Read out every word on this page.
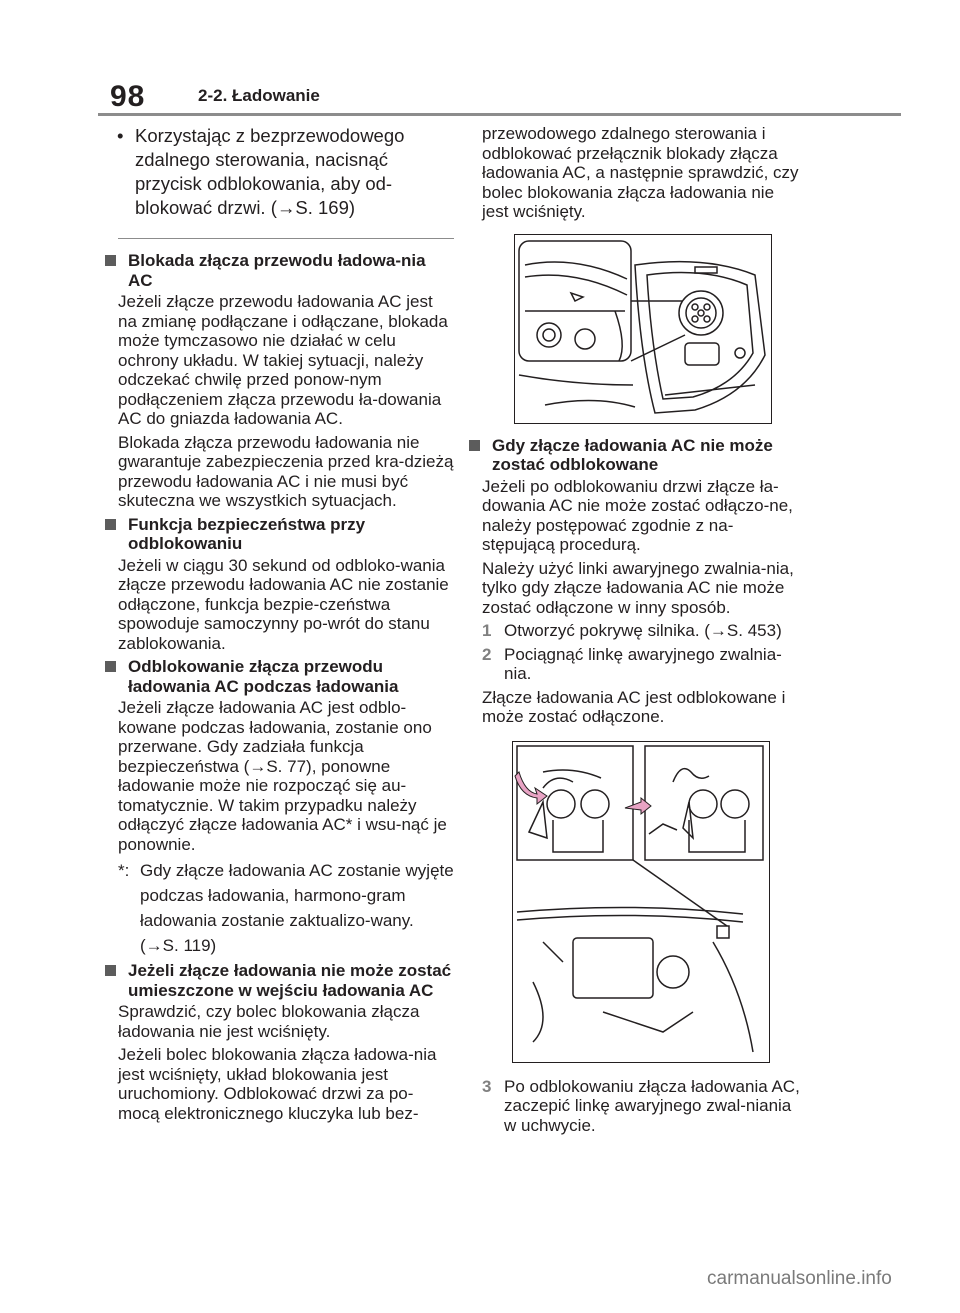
98	2-2. Ładowanie

• Korzystając z bezprzewodowego zdalnego sterowania, nacisnąć przycisk odblokowania, aby od-blokować drzwi. (→S. 169)

Blokada złącza przewodu ładowa-nia AC

Jeżeli złącze przewodu ładowania AC jest na zmianę podłączane i odłączane, blokada może tymczasowo nie działać w celu ochrony układu. W takiej sytuacji, należy odczekać chwilę przed ponow-nym podłączeniem złącza przewodu ła-dowania AC do gniazda ładowania AC.

Blokada złącza przewodu ładowania nie gwarantuje zabezpieczenia przed kra-dzieżą przewodu ładowania AC i nie musi być skuteczna we wszystkich sytuacjach.

Funkcja bezpieczeństwa przy odblokowaniu

Jeżeli w ciągu 30 sekund od odbloko-wania złącze przewodu ładowania AC nie zostanie odłączone, funkcja bezpie-czeństwa spowoduje samoczynny po-wrót do stanu zablokowania.

Odblokowanie złącza przewodu ładowania AC podczas ładowania

Jeżeli złącze ładowania AC jest odblo-kowane podczas ładowania, zostanie ono przerwane. Gdy zadziała funkcja bezpieczeństwa (→S. 77), ponowne ładowanie może nie rozpocząć się au-tomatycznie. W takim przypadku należy odłączyć złącze ładowania AC* i wsu-nąć je ponownie.

*: Gdy złącze ładowania AC zostanie wyjęte podczas ładowania, harmono-gram ładowania zostanie zaktualizo-wany. (→S. 119)

Jeżeli złącze ładowania nie może zostać umieszczone w wejściu ładowania AC

Sprawdzić, czy bolec blokowania złącza ładowania nie jest wciśnięty.

Jeżeli bolec blokowania złącza ładowa-nia jest wciśnięty, układ blokowania jest uruchomiony. Odblokować drzwi za po-mocą elektronicznego kluczyka lub bez-

przewodowego zdalnego sterowania i odblokować przełącznik blokady złącza ładowania AC, a następnie sprawdzić, czy bolec blokowania złącza ładowania nie jest wciśnięty.

Gdy złącze ładowania AC nie może zostać odblokowane

Jeżeli po odblokowaniu drzwi złącze ła-dowania AC nie może zostać odłączo-ne, należy postępować zgodnie z na-stępującą procedurą.

Należy użyć linki awaryjnego zwalnia-nia, tylko gdy złącze ładowania AC nie może zostać odłączone w inny sposób.

1 Otworzyć pokrywę silnika. (→S. 453)

2 Pociągnąć linkę awaryjnego zwalnia-nia.

Złącze ładowania AC jest odblokowane i może zostać odłączone.

3 Po odblokowaniu złącza ładowania AC, zaczepić linkę awaryjnego zwal-niania w uchwycie.

carmanualsonline.info
